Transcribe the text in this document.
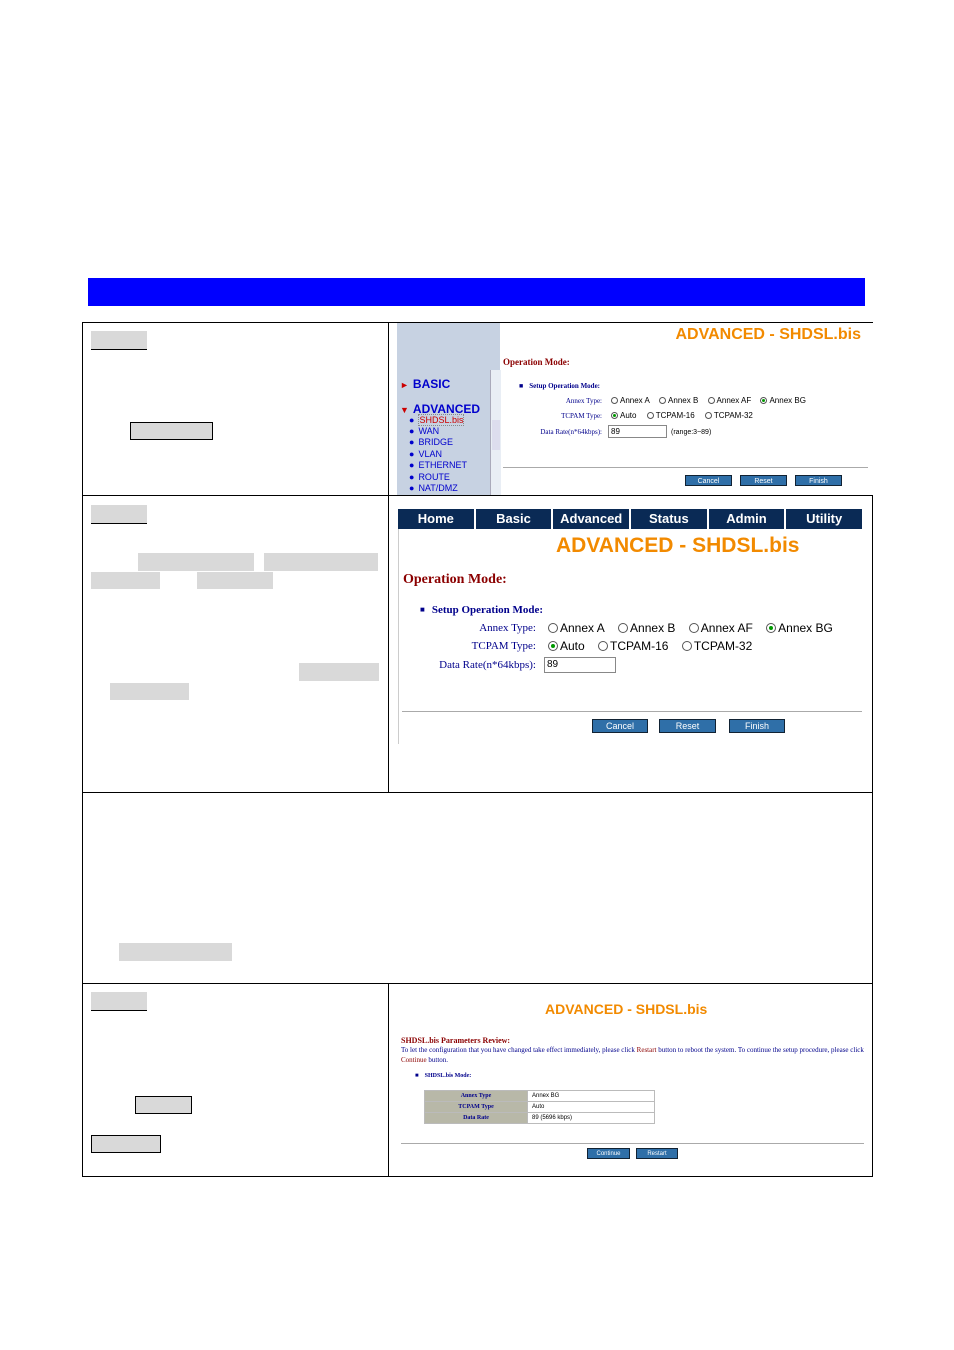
► BASIC
▼ ADVANCED
● SHDSL.bis
● WAN
● BRIDGE
● VLAN
● ETHERNET
● ROUTE
● NAT/DMZ
ADVANCED - SHDSL.bis
Operation Mode:
■ Setup Operation Mode:
Annex Type:	Annex A Annex B Annex AF Annex BG
TCPAM Type:	Auto TCPAM-16 TCPAM-32
Data Rate(n*64kbps):	89	(range:3~89)
Cancel	Reset	Finish
Home	Basic	Advanced	Status	Admin	Utility
ADVANCED - SHDSL.bis
Operation Mode:
■ Setup Operation Mode:
Annex Type:	Annex A Annex B Annex AF Annex BG
TCPAM Type:	Auto TCPAM-16 TCPAM-32
Data Rate(n*64kbps):	89
Cancel	Reset	Finish
ADVANCED - SHDSL.bis
SHDSL.bis Parameters Review:
To let the configuration that you have changed take effect immediately, please click Restart button to reboot the system. To continue the setup procedure, please click Continue button.
■ SHDSL.bis Mode:
Annex Type	Annex BG
TCPAM Type	Auto
Data Rate	89 (5696 kbps)
Continue	Restart
